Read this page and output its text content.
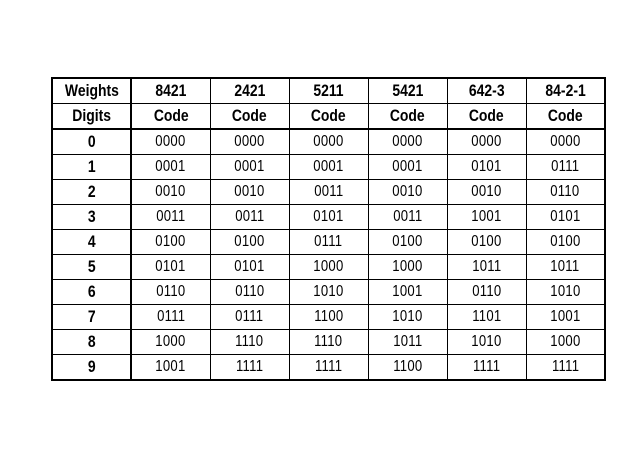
Weights	8421	2421	5211	5421	642-3	84-2-1
Digits	Code	Code	Code	Code	Code	Code
0	0000	0000	0000	0000	0000	0000
1	0001	0001	0001	0001	0101	0111
2	0010	0010	0011	0010	0010	0110
3	0011	0011	0101	0011	1001	0101
4	0100	0100	0111	0100	0100	0100
5	0101	0101	1000	1000	1011	1011
6	0110	0110	1010	1001	0110	1010
7	0111	0111	1100	1010	1101	1001
8	1000	1110	1110	1011	1010	1000
9	1001	1111	1111	1100	1111	1111
